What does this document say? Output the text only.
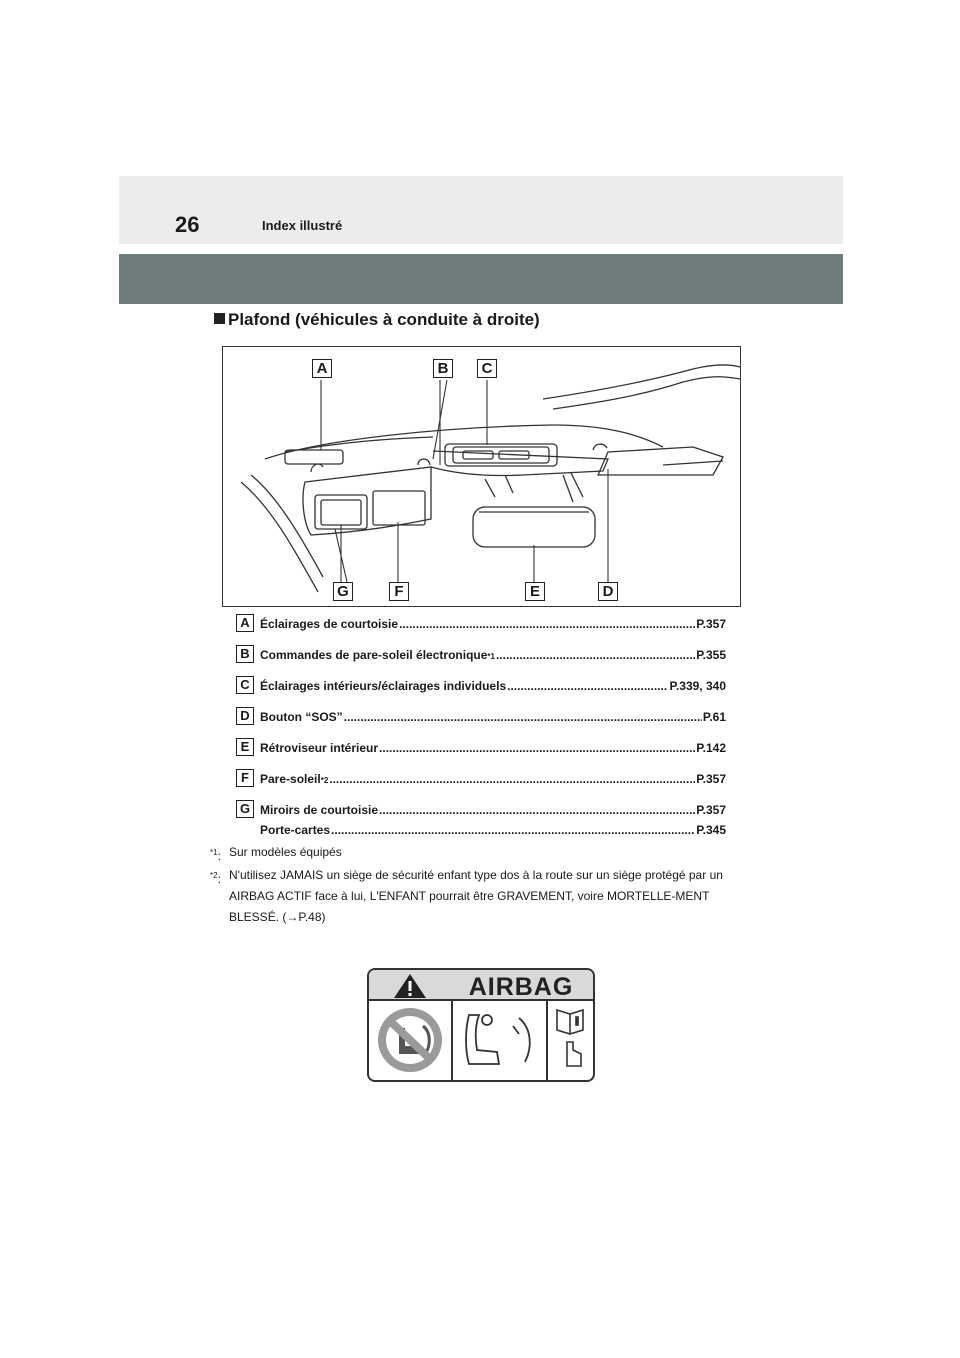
26	Index illustré
Plafond (véhicules à conduite à droite)
A	B	C
G	F	E	D
A Éclairages de courtoisie .....	P.357
B Commandes de pare-soleil électronique *1 .....	P.355
C Éclairages intérieurs/éclairages individuels .....	P.339, 340
D Bouton “SOS” .....	P.61
E Rétroviseur intérieur .....	P.142
F Pare-soleil *2 .....	P.357
G Miroirs de courtoisie .....	P.357
Porte-cartes .....	P.345
$^{*1}$: Sur modèles équipés
$^{*2}$: N'utilisez JAMAIS un siège de sécurité enfant type dos à la route sur un siège protégé par un AIRBAG ACTIF face à lui, L'ENFANT pourrait être GRAVEMENT, voire MORTELLE-MENT BLESSÉ. (→P.48)
AIRBAG
